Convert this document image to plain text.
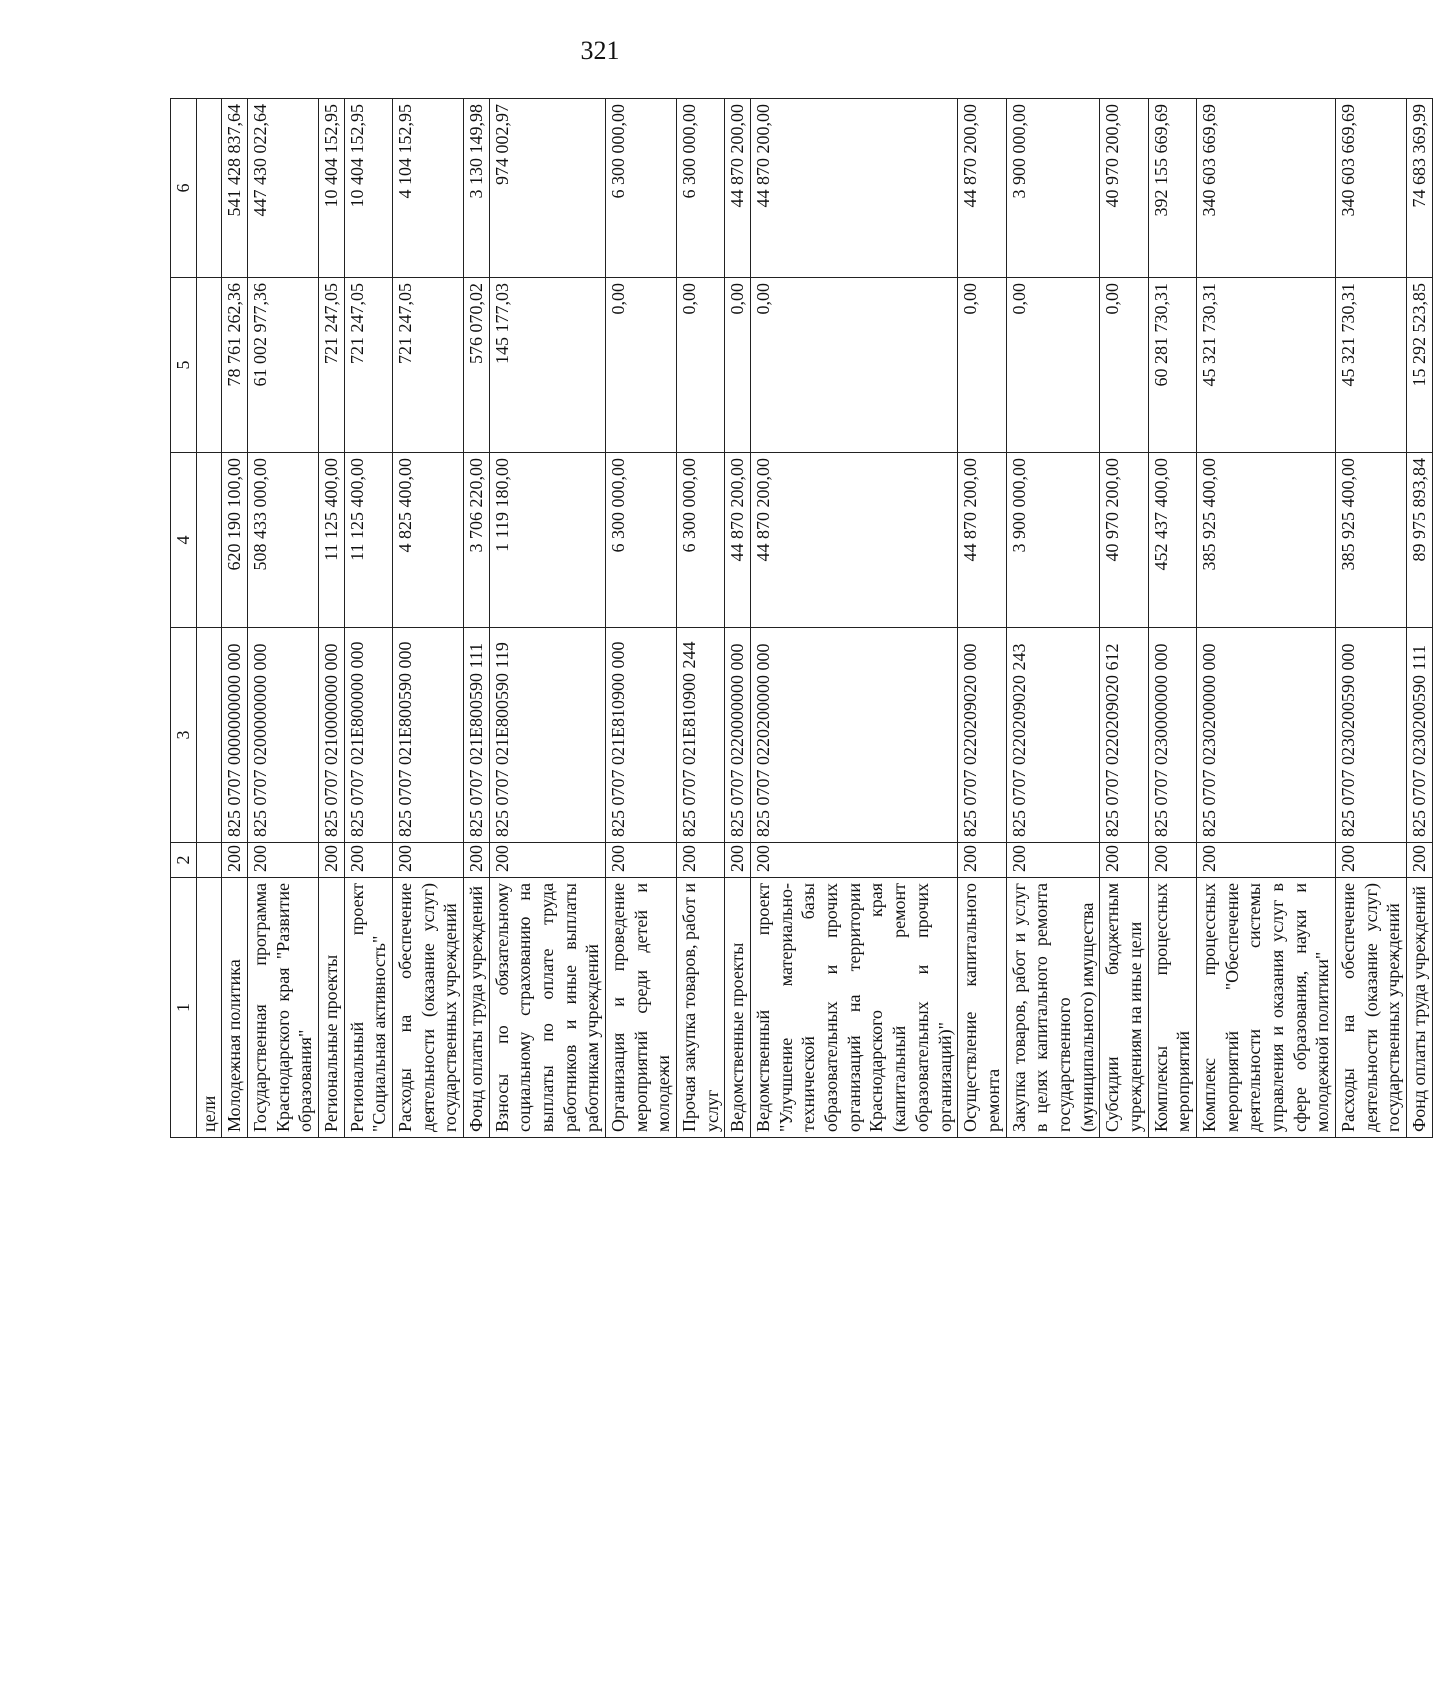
321
1	2	3	4	5	6
цели					
Молодежная политика	200	825 0707 0000000000 000	620 190 100,00	78 761 262,36	541 428 837,64
Государственная программа Краснодарского края "Развитие образования"	200	825 0707 0200000000 000	508 433 000,00	61 002 977,36	447 430 022,64
Региональные проекты	200	825 0707 0210000000 000	11 125 400,00	721 247,05	10 404 152,95
Региональный проект "Социальная активность"	200	825 0707 021E800000 000	11 125 400,00	721 247,05	10 404 152,95
Расходы на обеспечение деятельности (оказание услуг) государственных учреждений	200	825 0707 021E800590 000	4 825 400,00	721 247,05	4 104 152,95
Фонд оплаты труда учреждений	200	825 0707 021E800590 111	3 706 220,00	576 070,02	3 130 149,98
Взносы по обязательному социальному страхованию на выплаты по оплате труда работников и иные выплаты работникам учреждений	200	825 0707 021E800590 119	1 119 180,00	145 177,03	974 002,97
Организация и проведение мероприятий среди детей и молодежи	200	825 0707 021E810900 000	6 300 000,00	0,00	6 300 000,00
Прочая закупка товаров, работ и услуг	200	825 0707 021E810900 244	6 300 000,00	0,00	6 300 000,00
Ведомственные проекты	200	825 0707 0220000000 000	44 870 200,00	0,00	44 870 200,00
Ведомственный проект "Улучшение материально-технической базы образовательных и прочих организаций на территории Краснодарского края (капитальный ремонт образовательных и прочих организаций)"	200	825 0707 0220200000 000	44 870 200,00	0,00	44 870 200,00
Осуществление капитального ремонта	200	825 0707 0220209020 000	44 870 200,00	0,00	44 870 200,00
Закупка товаров, работ и услуг в целях капитального ремонта государственного (муниципального) имущества	200	825 0707 0220209020 243	3 900 000,00	0,00	3 900 000,00
Субсидии бюджетным учреждениям на иные цели	200	825 0707 0220209020 612	40 970 200,00	0,00	40 970 200,00
Комплексы процессных мероприятий	200	825 0707 0230000000 000	452 437 400,00	60 281 730,31	392 155 669,69
Комплекс процессных мероприятий "Обеспечение деятельности системы управления и оказания услуг в сфере образования, науки и молодежной политики"	200	825 0707 0230200000 000	385 925 400,00	45 321 730,31	340 603 669,69
Расходы на обеспечение деятельности (оказание услуг) государственных учреждений	200	825 0707 0230200590 000	385 925 400,00	45 321 730,31	340 603 669,69
Фонд оплаты труда учреждений	200	825 0707 0230200590 111	89 975 893,84	15 292 523,85	74 683 369,99
